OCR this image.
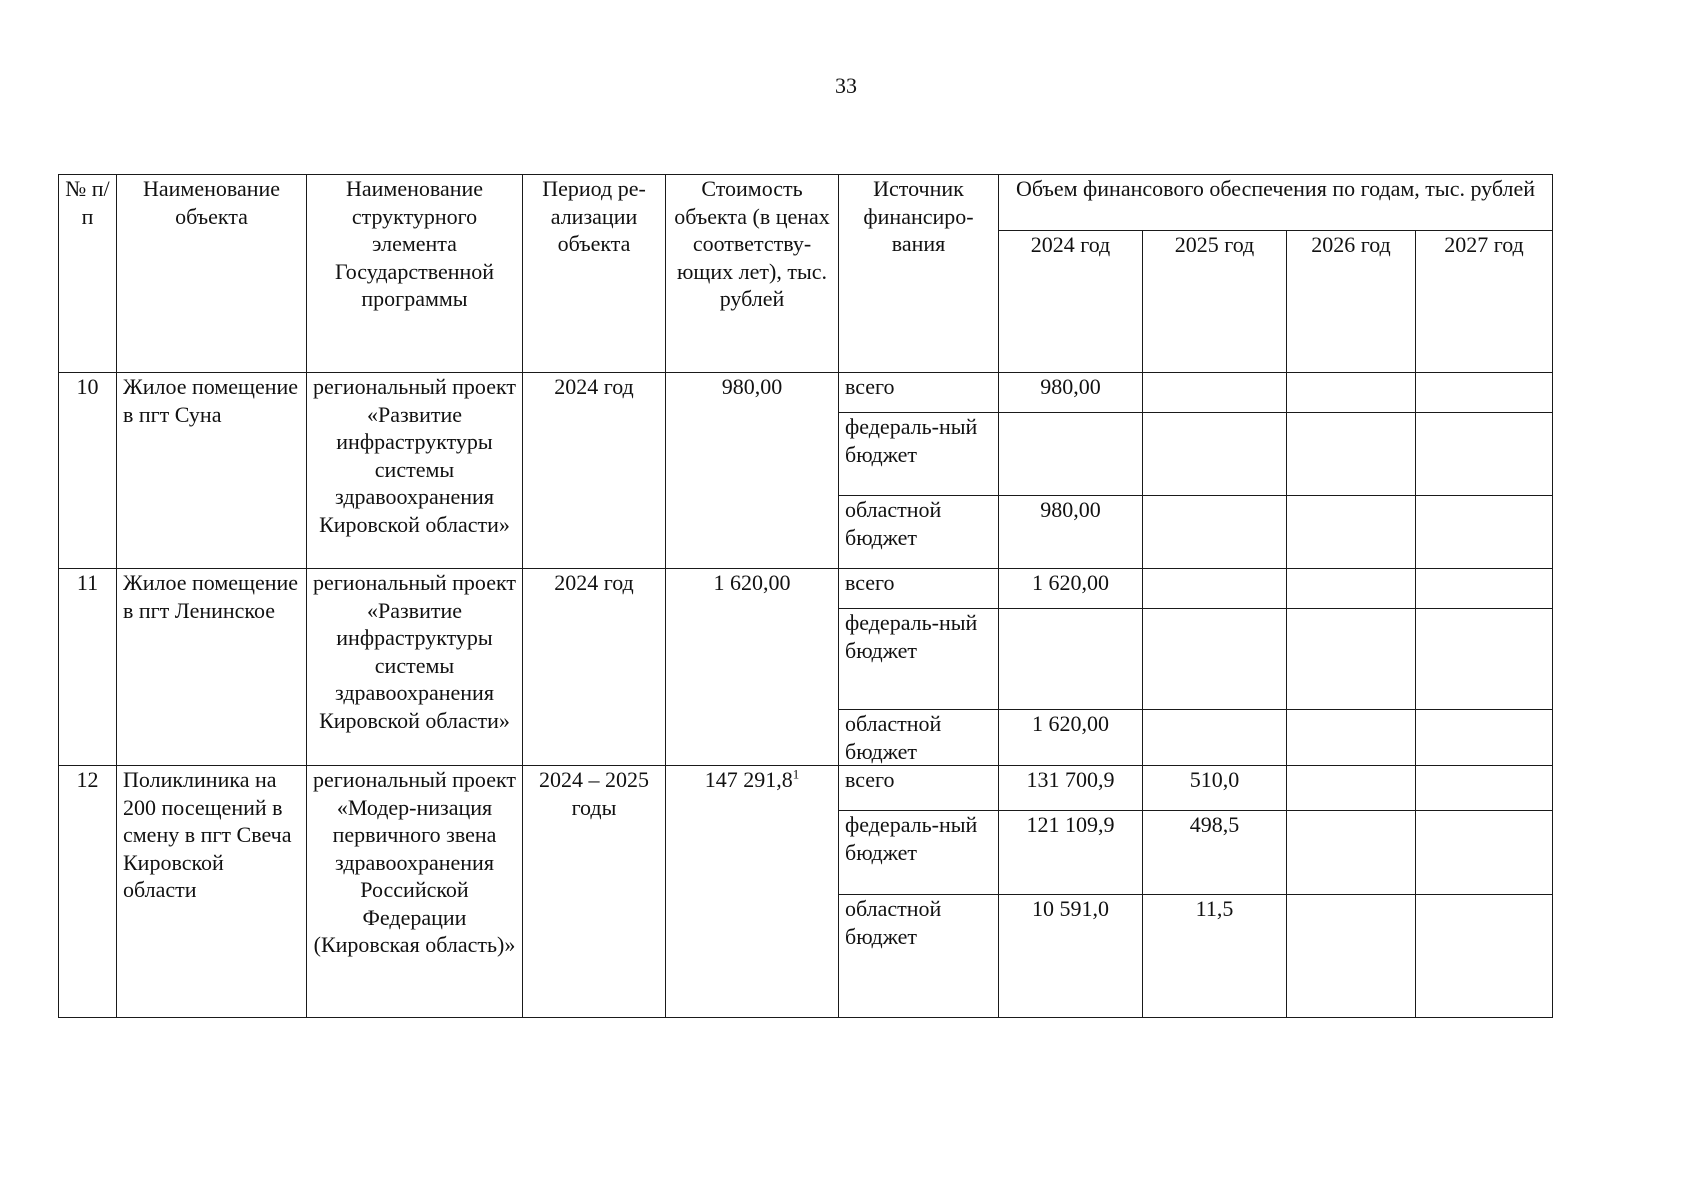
33
№ п/п	Наименование объекта	Наименование структурного элемента Государственной программы	Период ре-ализации объекта	Стоимость объекта (в ценах соответству-ющих лет), тыс. рублей	Источник финансиро-вания	Объем финансового обеспечения по годам, тыс. рублей			
						2024 год	2025 год	2026 год	2027 год
10	Жилое помещение в пгт Суна	региональный проект «Развитие инфраструктуры системы здравоохранения Кировской области»	2024 год	980,00	всего	980,00			
					федераль-ный бюджет				
					областной бюджет	980,00			
11	Жилое помещение в пгт Ленинское	региональный проект «Развитие инфраструктуры системы здравоохранения Кировской области»	2024 год	1 620,00	всего	1 620,00			
					федераль-ный бюджет				
					областной бюджет	1 620,00			
12	Поликлиника на 200 посещений в смену в пгт Свеча Кировской области	региональный проект «Модер-низация первичного звена здравоохранения Российской Федерации (Кировская область)»	2024 – 2025 годы	147 291,8$^1$	всего	131 700,9	510,0		
					федераль-ный бюджет	121 109,9	498,5		
					областной бюджет	10 591,0	11,5		
